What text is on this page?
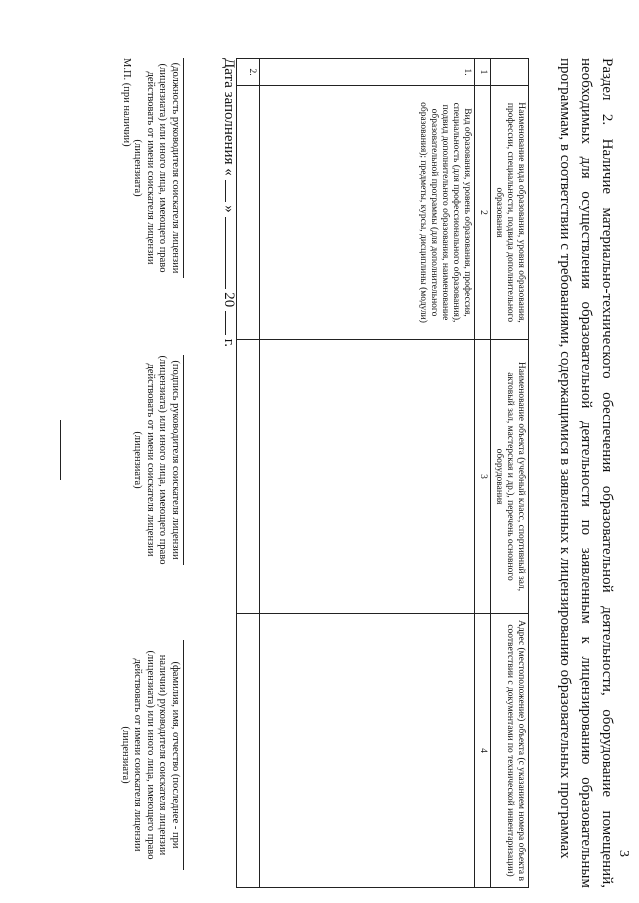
3
Раздел 2. Наличие материально-технического обеспечения образовательной деятельности, оборудование помещений, необходимых для осуществления образовательной деятельности по заявленным к лицензированию образовательным программам, в соответствии с требованиями, содержащимися в заявленных к лицензированию образовательных программах
	Наименование вида образования, уровня образования, профессии, специальности, подвида дополнительного образования	Наименование объекта (учебный класс, спортивный зал, актовый зал, мастерская и др.), перечень основного оборудования	Адрес (местоположение) объекта (с указанием номера объекта в соответствии с документами по технической инвентаризации)
1	2	3	4
1.	Вид образования, уровень образования, профессия, специальность (для профессионального образования), подвид дополнительного образования, наименование образовательной программы (для дополнительного образования); предметы, курсы, дисциплины (модули)		
2.			
Дата заполнения «  »  20  г.
(должность руководителя соискателя лицензии (лицензиата) или иного лица, имеющего право действовать от имени соискателя лицензии (лицензиата)
(подпись руководителя соискателя лицензии (лицензиата) или иного лица, имеющего право действовать от имени соискателя лицензии (лицензиата)
(фамилия, имя, отчество (последнее - при наличии) руководителя соискателя лицензии (лицензиата) или иного лица, имеющего право действовать от имени соискателя лицензии (лицензиата)
М.П. (при наличии)
